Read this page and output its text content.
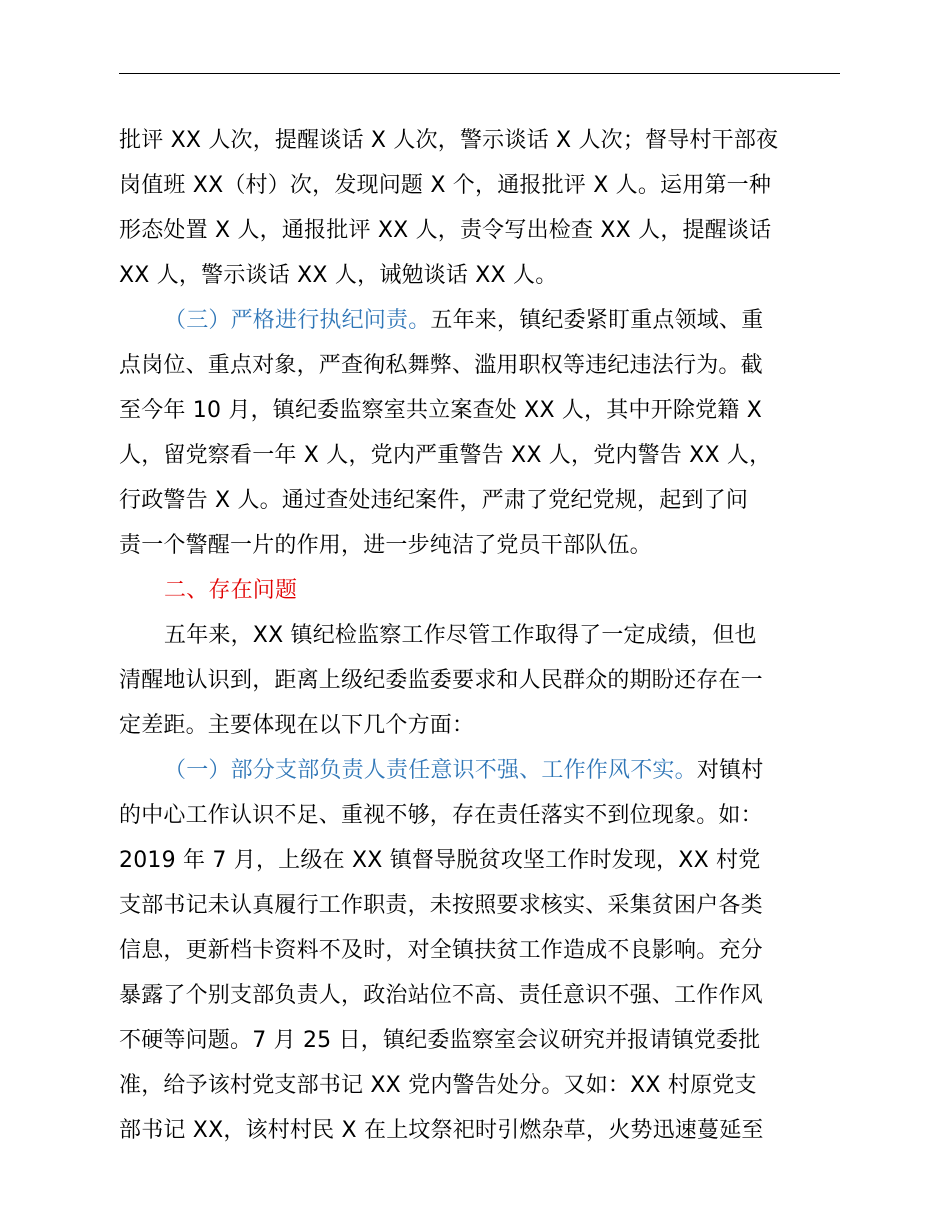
批评 XX 人次，提醒谈话 X 人次，警示谈话 X 人次；督导村干部夜
岗值班 XX（村）次，发现问题 X 个，通报批评 X 人。运用第一种
形态处置 X 人，通报批评 XX 人，责令写出检查 XX 人，提醒谈话
XX 人，警示谈话 XX 人，诫勉谈话 XX 人。
（三）严格进行执纪问责。五年来，镇纪委紧盯重点领域、重
点岗位、重点对象，严查徇私舞弊、滥用职权等违纪违法行为。截
至今年 10 月，镇纪委监察室共立案查处 XX 人，其中开除党籍 X
人，留党察看一年 X 人，党内严重警告 XX 人，党内警告 XX 人，
行政警告 X 人。通过查处违纪案件，严肃了党纪党规，起到了问
责一个警醒一片的作用，进一步纯洁了党员干部队伍。
二、存在问题
五年来，XX 镇纪检监察工作尽管工作取得了一定成绩，但也
清醒地认识到，距离上级纪委监委要求和人民群众的期盼还存在一
定差距。主要体现在以下几个方面：
（一）部分支部负责人责任意识不强、工作作风不实。对镇村
的中心工作认识不足、重视不够，存在责任落实不到位现象。如：
2019 年 7 月，上级在 XX 镇督导脱贫攻坚工作时发现，XX 村党
支部书记未认真履行工作职责，未按照要求核实、采集贫困户各类
信息，更新档卡资料不及时，对全镇扶贫工作造成不良影响。充分
暴露了个别支部负责人，政治站位不高、责任意识不强、工作作风
不硬等问题。7 月 25 日，镇纪委监察室会议研究并报请镇党委批
准，给予该村党支部书记 XX 党内警告处分。又如：XX 村原党支
部书记 XX，该村村民 X 在上坟祭祀时引燃杂草，火势迅速蔓延至
